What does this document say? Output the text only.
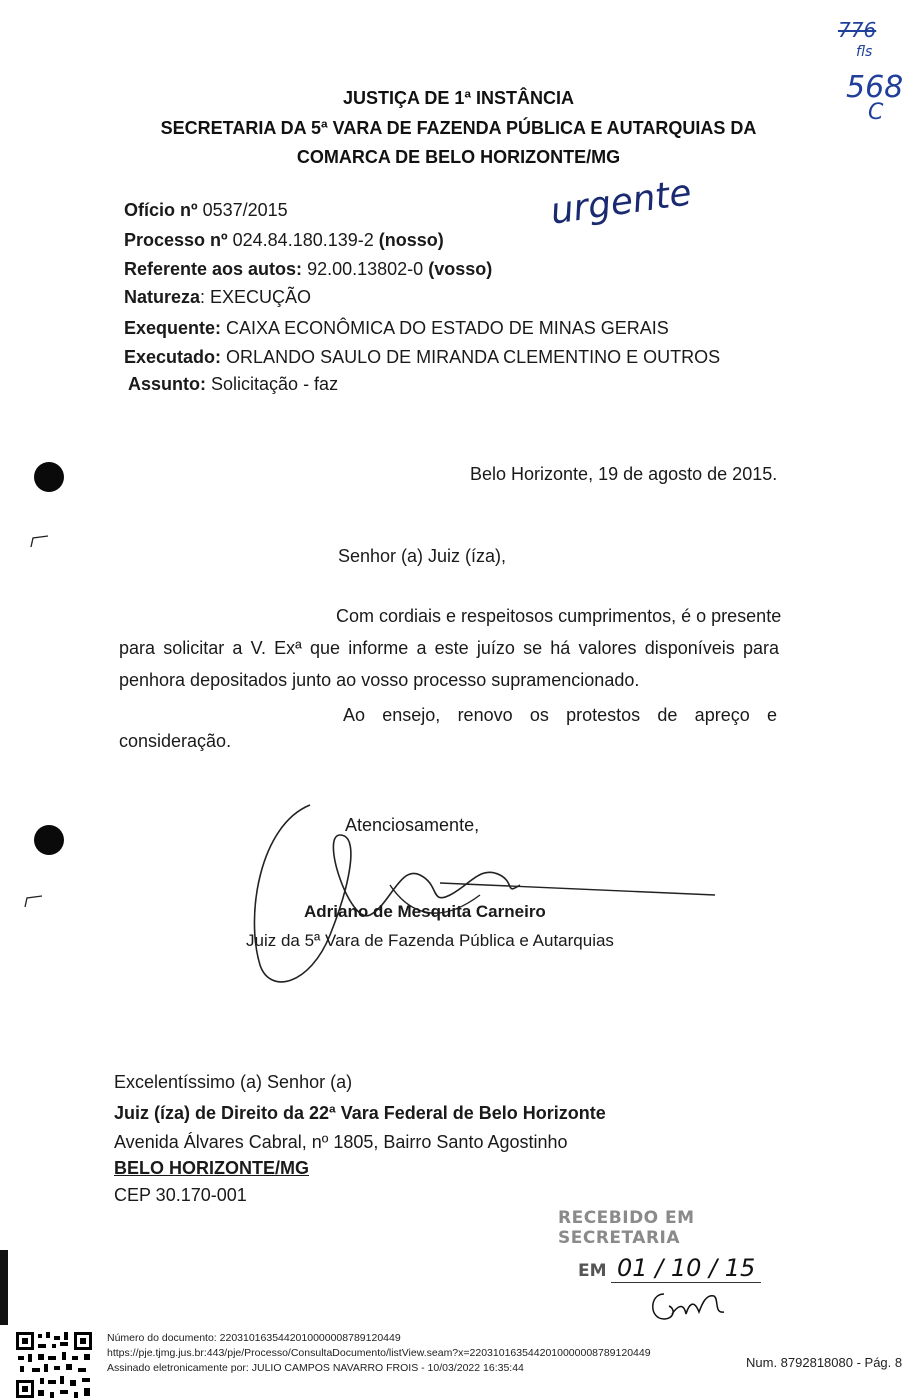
776
fls
568
C
JUSTIÇA DE 1ª INSTÂNCIA
SECRETARIA DA 5ª VARA DE FAZENDA PÚBLICA E AUTARQUIAS DA
COMARCA DE BELO HORIZONTE/MG
urgente
Ofício nº 0537/2015
Processo nº 024.84.180.139-2 (nosso)
Referente aos autos: 92.00.13802-0 (vosso)
Natureza: EXECUÇÃO
Exequente: CAIXA ECONÔMICA DO ESTADO DE MINAS GERAIS
Executado: ORLANDO SAULO DE MIRANDA CLEMENTINO E OUTROS
Assunto: Solicitação - faz
Belo Horizonte, 19 de agosto de 2015.
Senhor (a) Juiz (íza),
Com cordiais e respeitosos cumprimentos, é o presente
para solicitar a V. Exª que informe a este juízo se há valores disponíveis para
penhora depositados junto ao vosso processo supramencionado.
Ao ensejo, renovo os protestos de apreço e
consideração.
Atenciosamente,
Adriano de Mesquita Carneiro
Juiz da 5ª Vara de Fazenda Pública e Autarquias
Excelentíssimo (a) Senhor (a)
Juiz (íza) de Direito da 22ª Vara Federal de Belo Horizonte
Avenida Álvares Cabral, nº 1805, Bairro Santo Agostinho
BELO HORIZONTE/MG
CEP 30.170-001
RECEBIDO EM SECRETARIA
EM 01 / 10 / 15
Número do documento: 22031016354420100000087891204​49
https://pje.tjmg.jus.br:443/pje/Processo/ConsultaDocumento/listView.seam?x=22031016354420100000087891204​49
Assinado eletronicamente por: JULIO CAMPOS NAVARRO FROIS - 10/03/2022 16:35:44	Num. 8792818080 - Pág. 8
